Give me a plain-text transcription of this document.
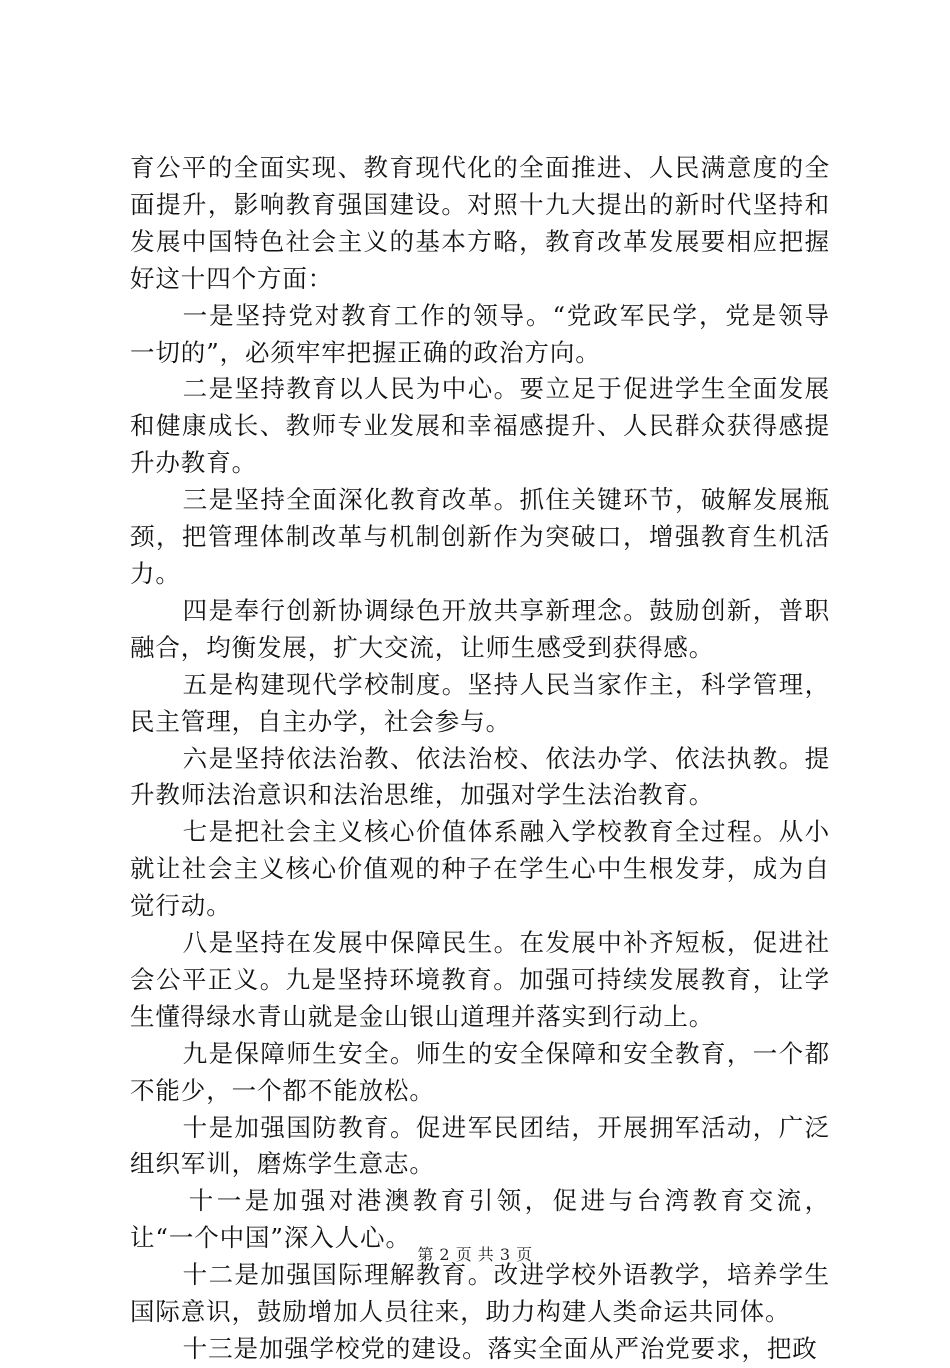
育公平的全面实现、教育现代化的全面推进、人民满意度的全面提升，影响教育强国建设。对照十九大提出的新时代坚持和发展中国特色社会主义的基本方略，教育改革发展要相应把握好这十四个方面：

一是坚持党对教育工作的领导。“党政军民学，党是领导一切的”，必须牢牢把握正确的政治方向。

二是坚持教育以人民为中心。要立足于促进学生全面发展和健康成长、教师专业发展和幸福感提升、人民群众获得感提升办教育。

三是坚持全面深化教育改革。抓住关键环节，破解发展瓶颈，把管理体制改革与机制创新作为突破口，增强教育生机活力。

四是奉行创新协调绿色开放共享新理念。鼓励创新，普职融合，均衡发展，扩大交流，让师生感受到获得感。

五是构建现代学校制度。坚持人民当家作主，科学管理，民主管理，自主办学，社会参与。

六是坚持依法治教、依法治校、依法办学、依法执教。提升教师法治意识和法治思维，加强对学生法治教育。

七是把社会主义核心价值体系融入学校教育全过程。从小就让社会主义核心价值观的种子在学生心中生根发芽，成为自觉行动。

八是坚持在发展中保障民生。在发展中补齐短板，促进社会公平正义。九是坚持环境教育。加强可持续发展教育，让学生懂得绿水青山就是金山银山道理并落实到行动上。

九是保障师生安全。师生的安全保障和安全教育，一个都不能少，一个都不能放松。

十是加强国防教育。促进军民团结，开展拥军活动，广泛组织军训，磨炼学生意志。

十一是加强对港澳教育引领，促进与台湾教育交流，让“一个中国”深入人心。

十二是加强国际理解教育。改进学校外语教学，培养学生国际意识，鼓励增加人员往来，助力构建人类命运共同体。

十三是加强学校党的建设。落实全面从严治党要求，把政

第 2 页 共 3 页
